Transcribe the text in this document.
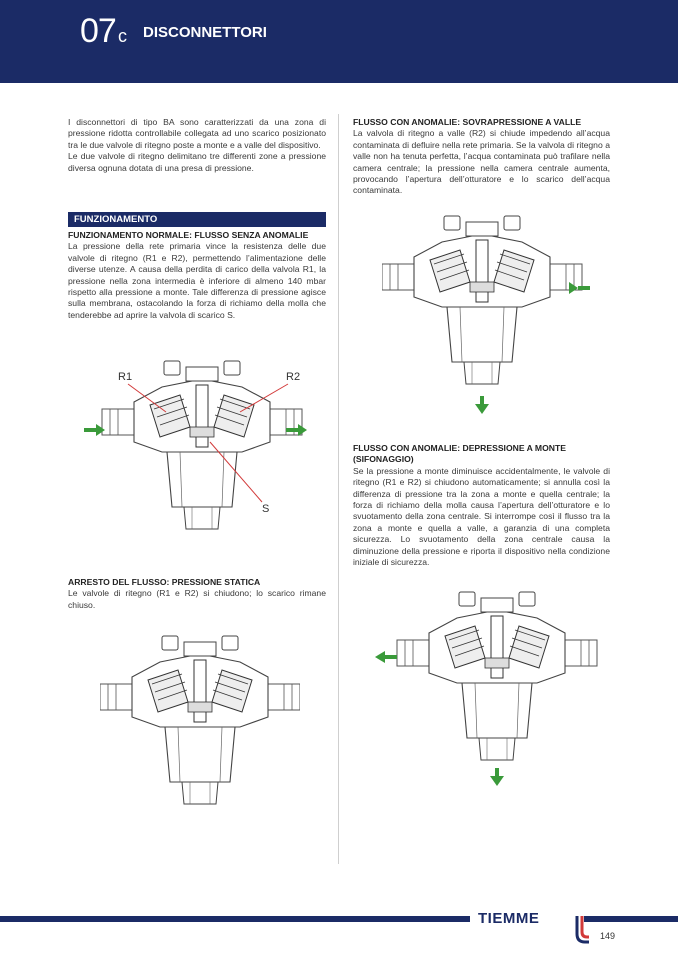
07 c DISCONNETTORI

I disconnettori di tipo BA sono caratterizzati da una zona di pressione ridotta controllabile collegata ad uno scarico posizionato tra le due valvole di ritegno poste a monte e a valle del dispositivo.

Le due valvole di ritegno delimitano tre differenti zone a pressione diversa ognuna dotata di una presa di pressione.

FUNZIONAMENTO

FUNZIONAMENTO NORMALE: FLUSSO SENZA ANOMALIE

La pressione della rete primaria vince la resistenza delle due valvole di ritegno (R1 e R2), permettendo l’alimentazione delle diverse utenze. A causa della perdita di carico della valvola R1, la pressione nella zona intermedia è inferiore di almeno 140 mbar rispetto alla pressione a monte. Tale differenza di pressione agisce sulla membrana, ostacolando la forza di richiamo della molla che tenderebbe ad aprire la valvola di scarico S.

R1	R2
S

ARRESTO DEL FLUSSO: PRESSIONE STATICA

Le valvole di ritegno (R1 e R2) si chiudono; lo scarico rimane chiuso.

FLUSSO CON ANOMALIE: SOVRAPRESSIONE A VALLE

La valvola di ritegno a valle (R2) si chiude impedendo all’acqua contaminata di defluire nella rete primaria. Se la valvola di ritegno a valle non ha tenuta perfetta, l’acqua contaminata può trafilare nella camera centrale; la pressione nella camera centrale aumenta, provocando l’apertura dell’otturatore e lo scarico dell’acqua contaminata.

FLUSSO CON ANOMALIE: DEPRESSIONE A MONTE
(SIFONAGGIO)

Se la pressione a monte diminuisce accidentalmente, le valvole di ritegno (R1 e R2) si chiudono automaticamente; si annulla così la differenza di pressione tra la zona a monte e quella centrale; la forza di richiamo della molla causa l’apertura dell’otturatore e lo svuotamento della zona centrale. Si interrompe così il flusso tra la zona a monte e quella a valle, a garanzia di una completa sicurezza. Lo svuotamento della zona centrale causa la diminuzione della pressione e riporta il dispositivo nella condizione iniziale di sicurezza.

TIEMME
149
